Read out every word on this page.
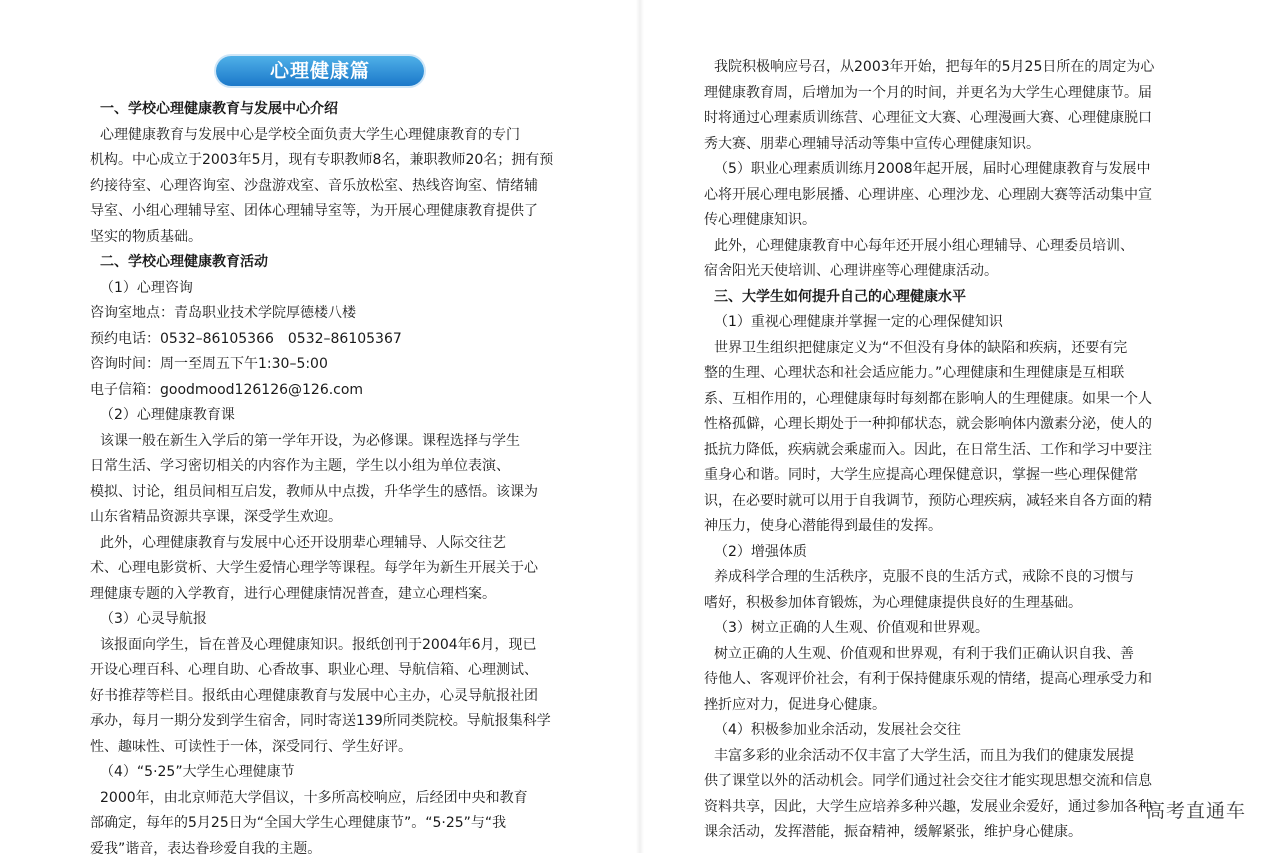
心理健康篇
一、学校心理健康教育与发展中心介绍
心理健康教育与发展中心是学校全面负责大学生心理健康教育的专门
机构。中心成立于2003年5月，现有专职教师8名，兼职教师20名；拥有预
约接待室、心理咨询室、沙盘游戏室、音乐放松室、热线咨询室、情绪辅
导室、小组心理辅导室、团体心理辅导室等，为开展心理健康教育提供了
坚实的物质基础。
二、学校心理健康教育活动
（1）心理咨询
咨询室地点：青岛职业技术学院厚德楼八楼
预约电话：0532–86105366　0532–86105367
咨询时间：周一至周五下午1:30–5:00
电子信箱：goodmood126126@126.com
（2）心理健康教育课
该课一般在新生入学后的第一学年开设，为必修课。课程选择与学生
日常生活、学习密切相关的内容作为主题，学生以小组为单位表演、
模拟、讨论，组员间相互启发，教师从中点拨，升华学生的感悟。该课为
山东省精品资源共享课，深受学生欢迎。
此外，心理健康教育与发展中心还开设朋辈心理辅导、人际交往艺
术、心理电影赏析、大学生爱情心理学等课程。每学年为新生开展关于心
理健康专题的入学教育，进行心理健康情况普查，建立心理档案。
（3）心灵导航报
该报面向学生，旨在普及心理健康知识。报纸创刊于2004年6月，现已
开设心理百科、心理自助、心香故事、职业心理、导航信箱、心理测试、
好书推荐等栏目。报纸由心理健康教育与发展中心主办，心灵导航报社团
承办，每月一期分发到学生宿舍，同时寄送139所同类院校。导航报集科学
性、趣味性、可读性于一体，深受同行、学生好评。
（4）“5·25”大学生心理健康节
2000年，由北京师范大学倡议，十多所高校响应，后经团中央和教育
部确定，每年的5月25日为“全国大学生心理健康节”。“5·25”与“我
爱我”谐音，表达眷珍爱自我的主题。
我院积极响应号召，从2003年开始，把每年的5月25日所在的周定为心
理健康教育周，后增加为一个月的时间，并更名为大学生心理健康节。届
时将通过心理素质训练营、心理征文大赛、心理漫画大赛、心理健康脱口
秀大赛、朋辈心理辅导活动等集中宣传心理健康知识。
（5）职业心理素质训练月2008年起开展，届时心理健康教育与发展中
心将开展心理电影展播、心理讲座、心理沙龙、心理剧大赛等活动集中宣
传心理健康知识。
此外，心理健康教育中心每年还开展小组心理辅导、心理委员培训、
宿舍阳光天使培训、心理讲座等心理健康活动。
三、大学生如何提升自己的心理健康水平
（1）重视心理健康并掌握一定的心理保健知识
世界卫生组织把健康定义为“不但没有身体的缺陷和疾病，还要有完
整的生理、心理状态和社会适应能力。”心理健康和生理健康是互相联
系、互相作用的，心理健康每时每刻都在影响人的生理健康。如果一个人
性格孤僻，心理长期处于一种抑郁状态，就会影响体内激素分泌，使人的
抵抗力降低，疾病就会乘虚而入。因此，在日常生活、工作和学习中要注
重身心和谐。同时，大学生应提高心理保健意识，掌握一些心理保健常
识，在必要时就可以用于自我调节，预防心理疾病，减轻来自各方面的精
神压力，使身心潜能得到最佳的发挥。
（2）增强体质
养成科学合理的生活秩序，克服不良的生活方式，戒除不良的习惯与
嗜好，积极参加体育锻炼，为心理健康提供良好的生理基础。
（3）树立正确的人生观、价值观和世界观。
树立正确的人生观、价值观和世界观，有利于我们正确认识自我、善
待他人、客观评价社会，有利于保持健康乐观的情绪，提高心理承受力和
挫折应对力，促进身心健康。
（4）积极参加业余活动，发展社会交往
丰富多彩的业余活动不仅丰富了大学生活，而且为我们的健康发展提
供了课堂以外的活动机会。同学们通过社会交往才能实现思想交流和信息
资料共享，因此，大学生应培养多种兴趣，发展业余爱好，通过参加各种
课余活动，发挥潜能，振奋精神，缓解紧张，维护身心健康。
高考直通车
